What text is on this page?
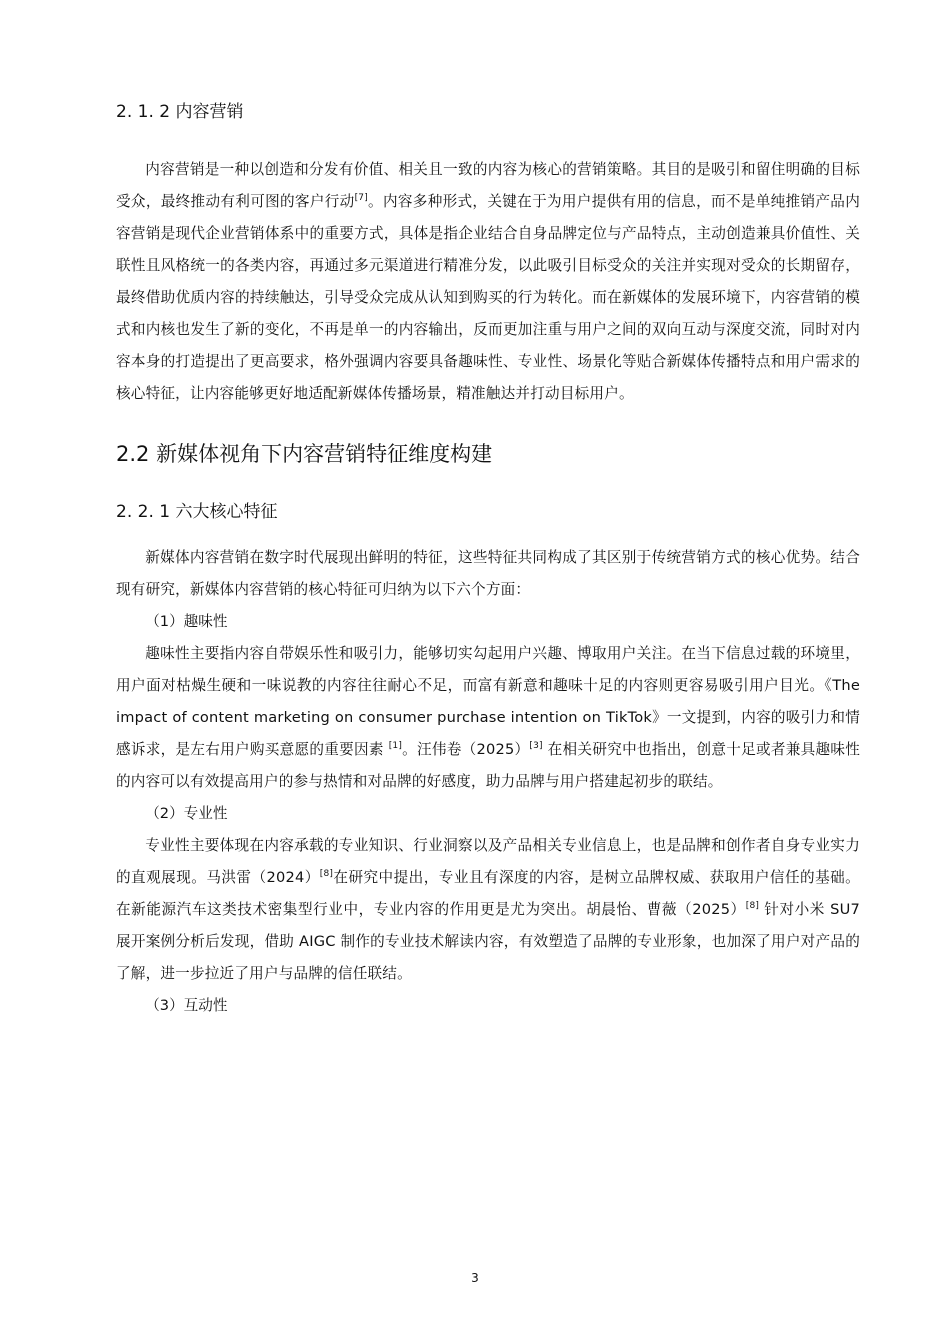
2. 1. 2 内容营销

内容营销是一种以创造和分发有价值、相关且一致的内容为核心的营销策略。其目的是吸引和留住明确的目标受众，最终推动有利可图的客户行动[7]。内容多种形式，关键在于为用户提供有用的信息，而不是单纯推销产品内容营销是现代企业营销体系中的重要方式，具体是指企业结合自身品牌定位与产品特点，主动创造兼具价值性、关联性且风格统一的各类内容，再通过多元渠道进行精准分发，以此吸引目标受众的关注并实现对受众的长期留存，最终借助优质内容的持续触达，引导受众完成从认知到购买的行为转化。而在新媒体的发展环境下，内容营销的模式和内核也发生了新的变化，不再是单一的内容输出，反而更加注重与用户之间的双向互动与深度交流，同时对内容本身的打造提出了更高要求，格外强调内容要具备趣味性、专业性、场景化等贴合新媒体传播特点和用户需求的核心特征，让内容能够更好地适配新媒体传播场景，精准触达并打动目标用户。

2.2 新媒体视角下内容营销特征维度构建
2. 2. 1 六大核心特征

新媒体内容营销在数字时代展现出鲜明的特征，这些特征共同构成了其区别于传统营销方式的核心优势。结合现有研究，新媒体内容营销的核心特征可归纳为以下六个方面：

（1）趣味性

趣味性主要指内容自带娱乐性和吸引力，能够切实勾起用户兴趣、博取用户关注。在当下信息过载的环境里，用户面对枯燥生硬和一味说教的内容往往耐心不足，而富有新意和趣味十足的内容则更容易吸引用户目光。《The impact of content marketing on consumer purchase intention on TikTok》一文提到，内容的吸引力和情感诉求，是左右用户购买意愿的重要因素 [1]。汪伟卷（2025）[3] 在相关研究中也指出，创意十足或者兼具趣味性的内容可以有效提高用户的参与热情和对品牌的好感度，助力品牌与用户搭建起初步的联结。

（2）专业性

专业性主要体现在内容承载的专业知识、行业洞察以及产品相关专业信息上，也是品牌和创作者自身专业实力的直观展现。马洪雷（2024）[8]在研究中提出，专业且有深度的内容，是树立品牌权威、获取用户信任的基础。在新能源汽车这类技术密集型行业中，专业内容的作用更是尤为突出。胡晨怡、曹薇（2025）[8] 针对小米 SU7 展开案例分析后发现，借助 AIGC 制作的专业技术解读内容，有效塑造了品牌的专业形象，也加深了用户对产品的了解，进一步拉近了用户与品牌的信任联结。

（3）互动性

3
